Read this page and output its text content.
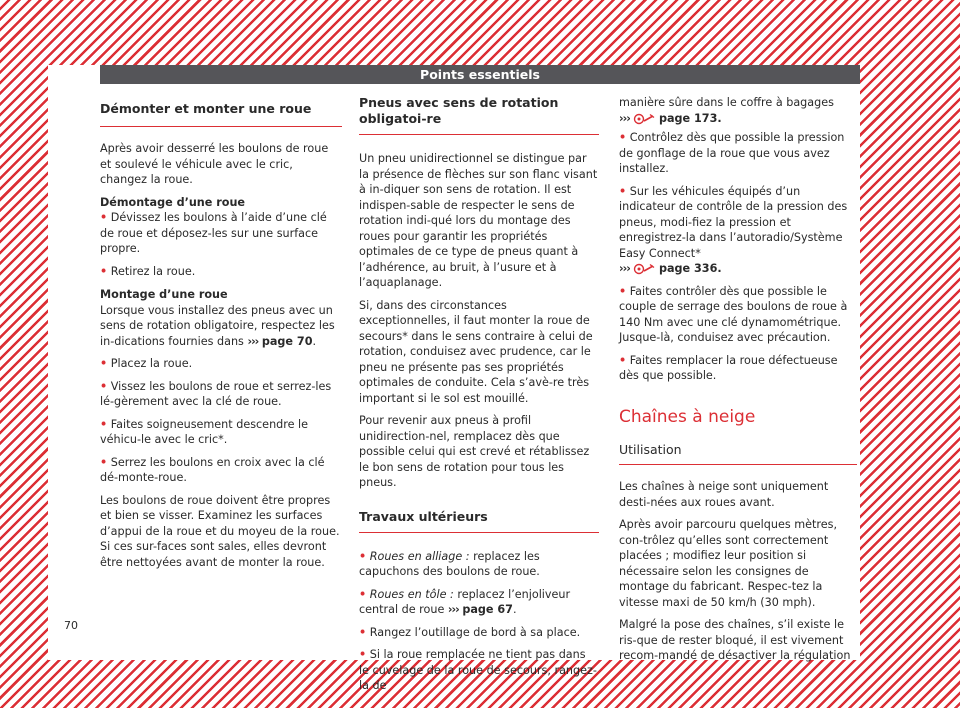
Points essentiels
Démonter et monter une roue

Après avoir desserré les boulons de roue et soulevé le véhicule avec le cric, changez la roue.

Démontage d’une roue

• Dévissez les boulons à l’aide d’une clé de roue et déposez-les sur une surface propre.

• Retirez la roue.

Montage d’une roue

Lorsque vous installez des pneus avec un sens de rotation obligatoire, respectez les in-dications fournies dans ››› page 70.

• Placez la roue.

• Vissez les boulons de roue et serrez-les lé-gèrement avec la clé de roue.

• Faites soigneusement descendre le véhicu-le avec le cric*.

• Serrez les boulons en croix avec la clé dé-monte-roue.

Les boulons de roue doivent être propres et bien se visser. Examinez les surfaces d’appui de la roue et du moyeu de la roue. Si ces sur-faces sont sales, elles devront être nettoyées avant de monter la roue.

Pneus avec sens de rotation obligatoi-re

Un pneu unidirectionnel se distingue par la présence de flèches sur son flanc visant à in-diquer son sens de rotation. Il est indispen-sable de respecter le sens de rotation indi-qué lors du montage des roues pour garantir les propriétés optimales de ce type de pneus quant à l’adhérence, au bruit, à l’usure et à l’aquaplanage.

Si, dans des circonstances exceptionnelles, il faut monter la roue de secours* dans le sens contraire à celui de rotation, conduisez avec prudence, car le pneu ne présente pas ses propriétés optimales de conduite. Cela s’avè-re très important si le sol est mouillé.

Pour revenir aux pneus à profil unidirection-nel, remplacez dès que possible celui qui est crevé et rétablissez le bon sens de rotation pour tous les pneus.

Travaux ultérieurs

• Roues en alliage : replacez les capuchons des boulons de roue.

• Roues en tôle : replacez l’enjoliveur central de roue ››› page 67.

• Rangez l’outillage de bord à sa place.

• Si la roue remplacée ne tient pas dans le cuvelage de la roue de secours, rangez-la de

manière sûre dans le coffre à bagages
›››	page 173.

• Contrôlez dès que possible la pression de gonflage de la roue que vous avez installez.

• Sur les véhicules équipés d’un indicateur de contrôle de la pression des pneus, modi-fiez la pression et enregistrez-la dans l’autoradio/Système Easy Connect*
›››	page 336.

• Faites contrôler dès que possible le couple de serrage des boulons de roue à 140 Nm avec une clé dynamométrique. Jusque-là, conduisez avec précaution.

• Faites remplacer la roue défectueuse dès que possible.

Chaînes à neige
Utilisation

Les chaînes à neige sont uniquement desti-nées aux roues avant.

Après avoir parcouru quelques mètres, con-trôlez qu’elles sont correctement placées ; modifiez leur position si nécessaire selon les consignes de montage du fabricant. Respec-tez la vitesse maxi de 50 km/h (30 mph).

Malgré la pose des chaînes, s’il existe le ris-que de rester bloqué, il est vivement recom-mandé de désactiver la régulation

70
